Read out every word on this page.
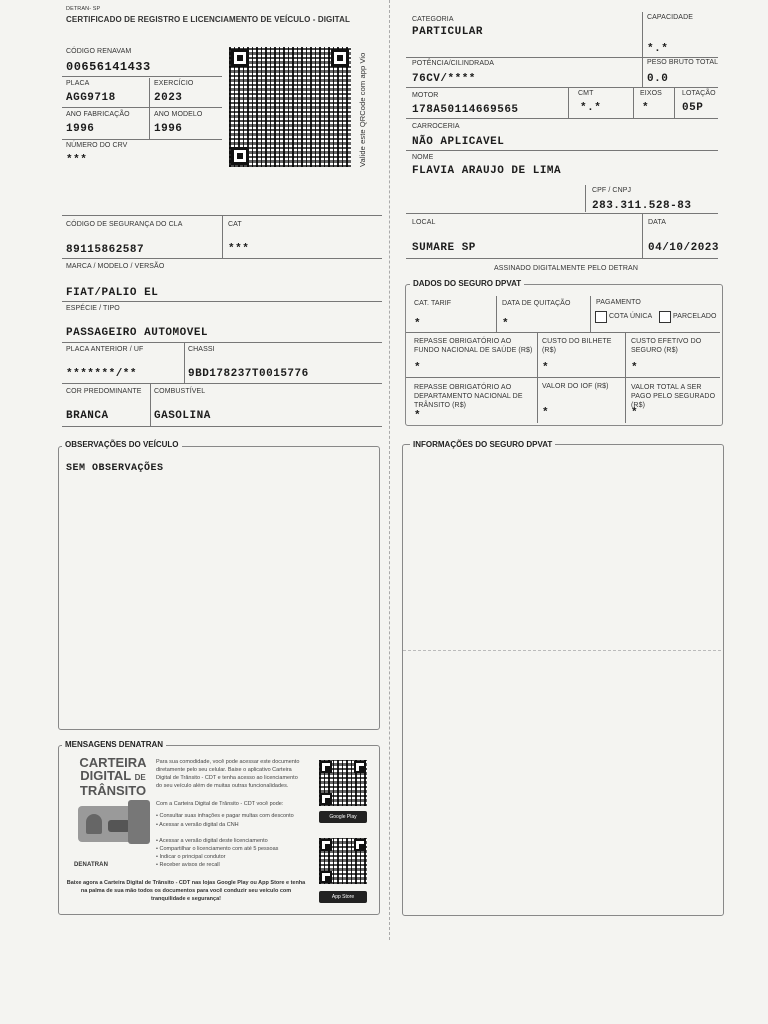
DETRAN- SP
CERTIFICADO DE REGISTRO E LICENCIAMENTO DE VEÍCULO - DIGITAL
CÓDIGO RENAVAM
00656141433
PLACA
AGG9718
EXERCÍCIO
2023
ANO FABRICAÇÃO
1996
ANO MODELO
1996
NÚMERO DO CRV
***	Valide este QRCode com app Vio
CÓDIGO DE SEGURANÇA DO CLA
89115862587
CAT
***
MARCA / MODELO / VERSÃO
FIAT/PALIO EL
ESPÉCIE / TIPO
PASSAGEIRO AUTOMOVEL
PLACA ANTERIOR / UF
*******/**
CHASSI
9BD178237T0015776
COR PREDOMINANTE
BRANCA
COMBUSTÍVEL
GASOLINA
OBSERVAÇÕES DO VEÍCULO
SEM OBSERVAÇÕES
CATEGORIA
PARTICULAR
CAPACIDADE
*.*
POTÊNCIA/CILINDRADA
76CV/****
PESO BRUTO TOTAL
0.0
MOTOR
178A50114669565
CMT
*.*
EIXOS
*
LOTAÇÃO
05P
CARROCERIA
NÃO APLICAVEL
NOME
FLAVIA ARAUJO DE LIMA
CPF / CNPJ
283.311.528-83
LOCAL
SUMARE SP
DATA
04/10/2023
ASSINADO DIGITALMENTE PELO DETRAN
DADOS DO SEGURO DPVAT
CAT. TARIF
*
DATA DE QUITAÇÃO
*
PAGAMENTO
COTA ÚNICA	PARCELADO
REPASSE OBRIGATÓRIO AO FUNDO NACIONAL DE SAÚDE (R$)
*
CUSTO DO BILHETE (R$)
*
CUSTO EFETIVO DO SEGURO (R$)
*
REPASSE OBRIGATÓRIO AO DEPARTAMENTO NACIONAL DE TRÂNSITO (R$)
*
VALOR DO IOF (R$)
*
VALOR TOTAL A SER PAGO PELO SEGURADO (R$)
*
INFORMAÇÕES DO SEGURO DPVAT
MENSAGENS DENATRAN
CARTEIRA
DIGITAL DE
TRÂNSITO
DENATRAN
Para sua comodidade, você pode acessar este documento diretamente pelo seu celular. Baixe o aplicativo Carteira Digital de Trânsito - CDT e tenha acesso ao licenciamento do seu veículo além de muitas outras funcionalidades.
Com a Carteira Digital de Trânsito - CDT você pode:
• Consultar suas infrações e pagar multas com desconto
• Acessar a versão digital da CNH
• Acessar a versão digital deste licenciamento
• Compartilhar o licenciamento com até 5 pessoas
• Indicar o principal condutor
• Receber avisos de recall
Google Play
App Store
Baixe agora a Carteira Digital de Trânsito - CDT nas lojas Google Play ou App Store e tenha na palma de sua mão todos os documentos para você conduzir seu veículo com tranquilidade e segurança!
